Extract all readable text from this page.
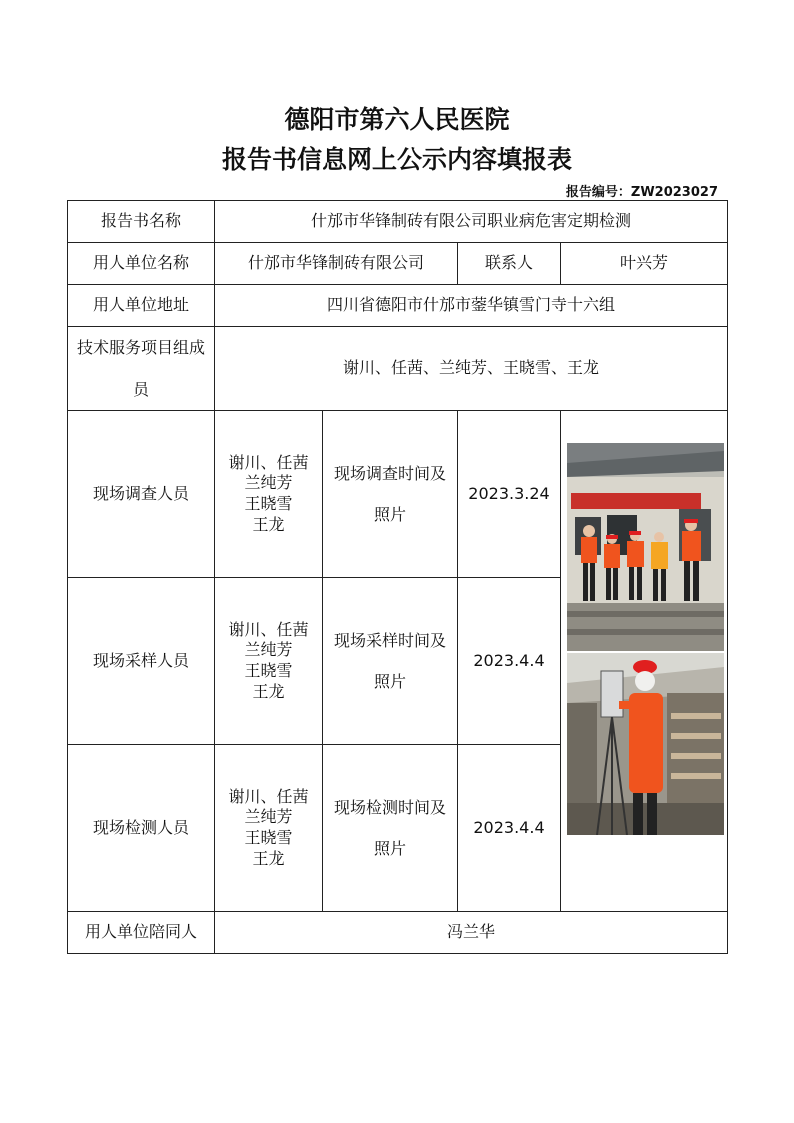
德阳市第六人民医院
报告书信息网上公示内容填报表
报告编号：ZW2023027
报告书名称	什邡市华锋制砖有限公司职业病危害定期检测			
用人单位名称	什邡市华锋制砖有限公司		联系人	叶兴芳
用人单位地址	四川省德阳市什邡市蓥华镇雪门寺十六组			
技术服务项目组成员	谢川、任茜、兰纯芳、王晓雪、王龙			
现场调查人员	谢川、任茜
兰纯芳
王晓雪
王龙	现场调查时间及照片	2023.3.24	

现场采样人员	谢川、任茜
兰纯芳
王晓雪
王龙	现场采样时间及照片	2023.4.4	
现场检测人员	谢川、任茜
兰纯芳
王晓雪
王龙	现场检测时间及照片	2023.4.4	
用人单位陪同人	冯兰华			
